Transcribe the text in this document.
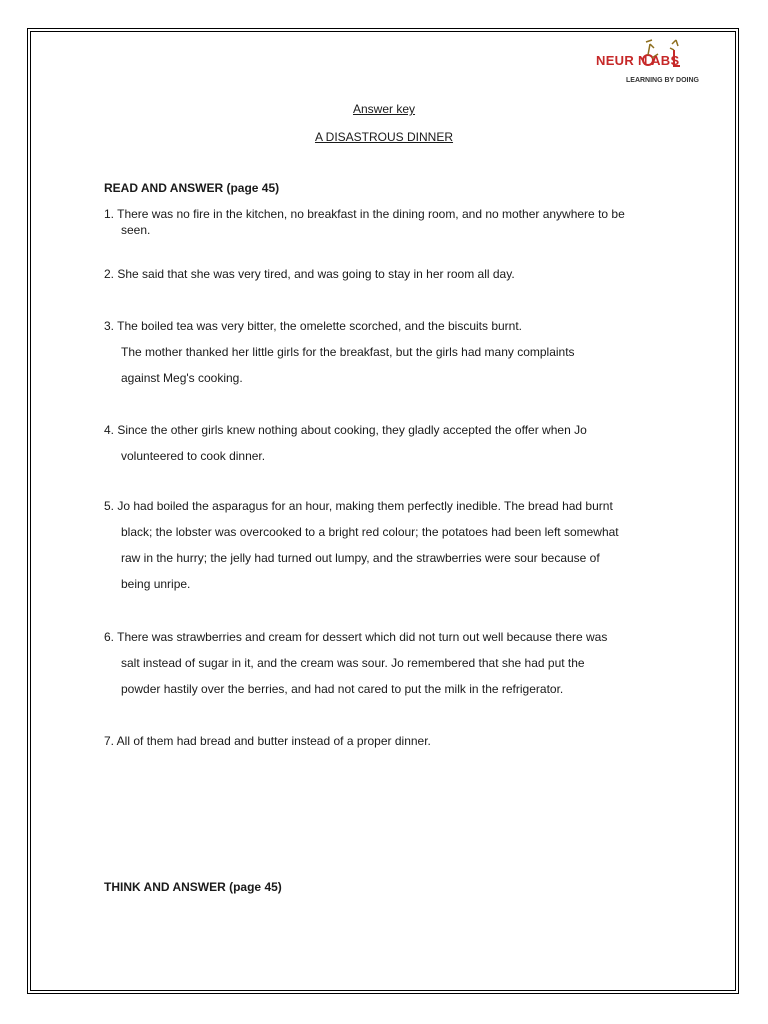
NEUR N ABS
LEARNING BY DOING
Answer key
A DISASTROUS DINNER
READ AND ANSWER (page 45)
1. There was no fire in the kitchen, no breakfast in the dining room, and no mother anywhere to be
seen.
2. She said that she was very tired, and was going to stay in her room all day.
3. The boiled tea was very bitter, the omelette scorched, and the biscuits burnt.
The mother thanked her little girls for the breakfast, but the girls had many complaints
against Meg's cooking.
4. Since the other girls knew nothing about cooking, they gladly accepted the offer when Jo
volunteered to cook dinner.
5. Jo had boiled the asparagus for an hour, making them perfectly inedible. The bread had burnt
black; the lobster was overcooked to a bright red colour; the potatoes had been left somewhat
raw in the hurry; the jelly had turned out lumpy, and the strawberries were sour because of
being unripe.
6. There was strawberries and cream for dessert which did not turn out well because there was
salt instead of sugar in it, and the cream was sour. Jo remembered that she had put the
powder hastily over the berries, and had not cared to put the milk in the refrigerator.
7. All of them had bread and butter instead of a proper dinner.
THINK AND ANSWER (page 45)
